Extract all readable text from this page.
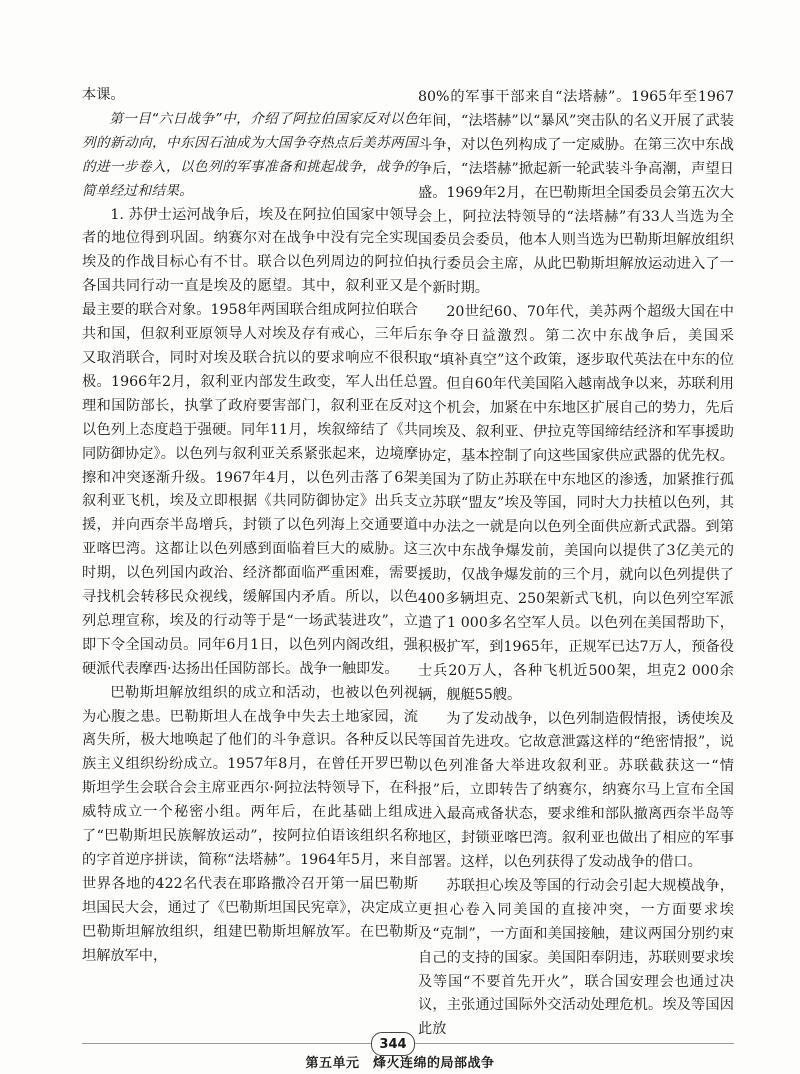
本课。

第一目“六日战争”中，介绍了阿拉伯国家反对以色列的新动向，中东因石油成为大国争夺热点后美苏两国的进一步卷入，以色列的军事准备和挑起战争，战争的简单经过和结果。

1. 苏伊士运河战争后，埃及在阿拉伯国家中领导者的地位得到巩固。纳赛尔对在战争中没有完全实现埃及的作战目标心有不甘。联合以色列周边的阿拉伯各国共同行动一直是埃及的愿望。其中，叙利亚又是最主要的联合对象。1958年两国联合组成阿拉伯联合共和国，但叙利亚原领导人对埃及存有戒心，三年后又取消联合，同时对埃及联合抗以的要求响应不很积极。1966年2月，叙利亚内部发生政变，军人出任总理和国防部长，执掌了政府要害部门，叙利亚在反对以色列上态度趋于强硬。同年11月，埃叙缔结了《共同防御协定》。以色列与叙利亚关系紧张起来，边境摩擦和冲突逐渐升级。1967年4月，以色列击落了6架叙利亚飞机，埃及立即根据《共同防御协定》出兵支援，并向西奈半岛增兵，封锁了以色列海上交通要道亚喀巴湾。这都让以色列感到面临着巨大的威胁。这时期，以色列国内政治、经济都面临严重困难，需要寻找机会转移民众视线，缓解国内矛盾。所以，以色列总理宣称，埃及的行动等于是“一场武装进攻”，立即下令全国动员。同年6月1日，以色列内阁改组，强硬派代表摩西·达扬出任国防部长。战争一触即发。

巴勒斯坦解放组织的成立和活动，也被以色列视为心腹之患。巴勒斯坦人在战争中失去土地家园，流离失所，极大地唤起了他们的斗争意识。各种反以民族主义组织纷纷成立。1957年8月，在曾任开罗巴勒斯坦学生会联合会主席亚西尔·阿拉法特领导下，在科威特成立一个秘密小组。两年后，在此基础上组成了“巴勒斯坦民族解放运动”，按阿拉伯语该组织名称的字首逆序拼读，简称“法塔赫”。1964年5月，来自世界各地的422名代表在耶路撒冷召开第一届巴勒斯坦国民大会，通过了《巴勒斯坦国民宪章》，决定成立巴勒斯坦解放组织，组建巴勒斯坦解放军。在巴勒斯坦解放军中，

80%的军事干部来自“法塔赫”。1965年至1967年间，“法塔赫”以“暴风”突击队的名义开展了武装斗争，对以色列构成了一定威胁。在第三次中东战争后，“法塔赫”掀起新一轮武装斗争高潮，声望日盛。1969年2月，在巴勒斯坦全国委员会第五次大会上，阿拉法特领导的“法塔赫”有33人当选为全国委员会委员，他本人则当选为巴勒斯坦解放组织执行委员会主席，从此巴勒斯坦解放运动进入了一个新时期。

20世纪60、70年代，美苏两个超级大国在中东争夺日益激烈。第二次中东战争后，美国采取“填补真空”这个政策，逐步取代英法在中东的位置。但自60年代美国陷入越南战争以来，苏联利用这个机会，加紧在中东地区扩展自己的势力，先后同埃及、叙利亚、伊拉克等国缔结经济和军事援助协定，基本控制了向这些国家供应武器的优先权。美国为了防止苏联在中东地区的渗透，加紧推行孤立苏联“盟友”埃及等国，同时大力扶植以色列，其中办法之一就是向以色列全面供应新式武器。到第三次中东战争爆发前，美国向以提供了3亿美元的援助，仅战争爆发前的三个月，就向以色列提供了400多辆坦克、250架新式飞机，向以色列空军派遣了1 000多名空军人员。以色列在美国帮助下，积极扩军，到1965年，正规军已达7万人，预备役士兵20万人，各种飞机近500架，坦克2 000余辆，舰艇55艘。

为了发动战争，以色列制造假情报，诱使埃及等国首先进攻。它故意泄露这样的“绝密情报”，说以色列准备大举进攻叙利亚。苏联截获这一“情报”后，立即转告了纳赛尔，纳赛尔马上宣布全国进入最高戒备状态，要求维和部队撤离西奈半岛等地区，封锁亚喀巴湾。叙利亚也做出了相应的军事部署。这样，以色列获得了发动战争的借口。

苏联担心埃及等国的行动会引起大规模战争，更担心卷入同美国的直接冲突，一方面要求埃及“克制”，一方面和美国接触，建议两国分别约束自己的支持的国家。美国阳奉阴违，苏联则要求埃及等国“不要首先开火”，联合国安理会也通过决议，主张通过国际外交活动处理危机。埃及等国因此放

344
第五单元　烽火连绵的局部战争
